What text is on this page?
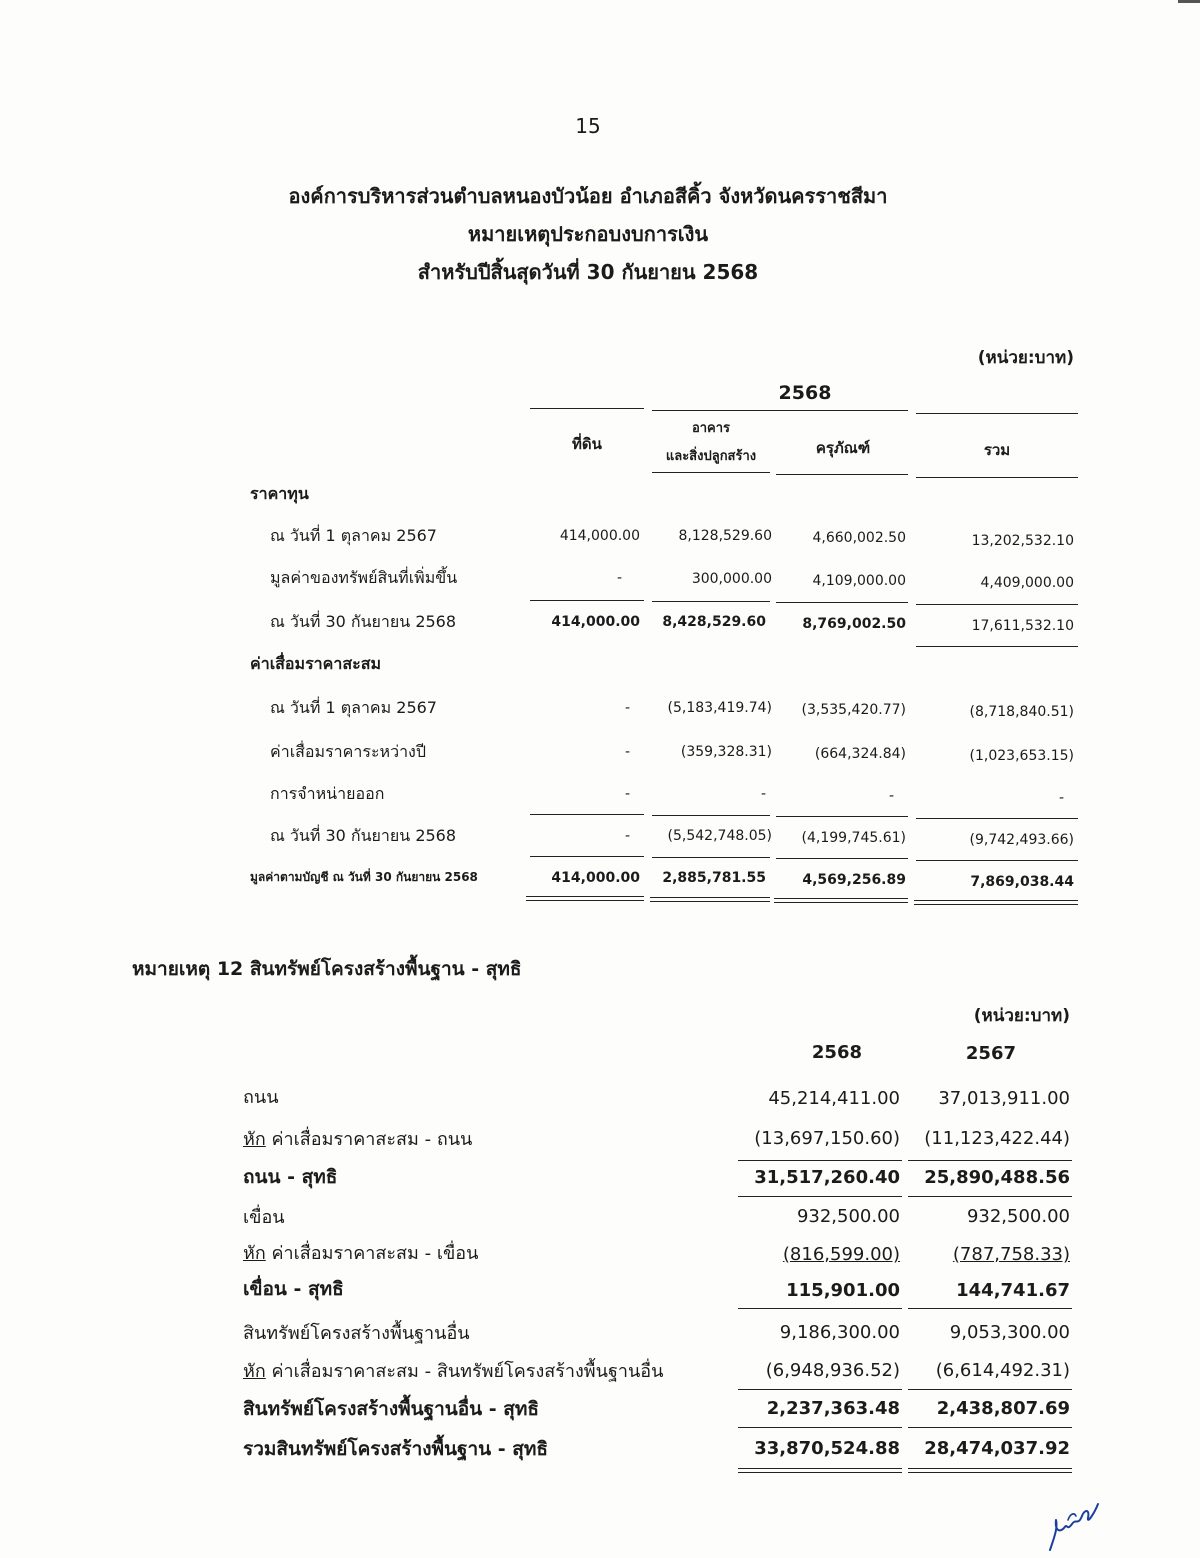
15
องค์การบริหารส่วนตำบลหนองบัวน้อย อำเภอสีคิ้ว จังหวัดนครราชสีมา
หมายเหตุประกอบงบการเงิน
สำหรับปีสิ้นสุดวันที่ 30 กันยายน 2568
(หน่วย:บาท)
2568
ที่ดิน
อาคาร
และสิ่งปลูกสร้าง	ครุภัณฑ์	รวม
ราคาทุน
ณ วันที่ 1 ตุลาคม 2567	414,000.00	8,128,529.60	4,660,002.50	13,202,532.10
มูลค่าของทรัพย์สินที่เพิ่มขึ้น	-	300,000.00	4,109,000.00	4,409,000.00
ณ วันที่ 30 กันยายน 2568	414,000.00 8,428,529.60	8,769,002.50	17,611,532.10
ค่าเสื่อมราคาสะสม
ณ วันที่ 1 ตุลาคม 2567	-	(5,183,419.74) (3,535,420.77)	(8,718,840.51)
ค่าเสื่อมราคาระหว่างปี	-	(359,328.31)	(664,324.84)	(1,023,653.15)
การจำหน่ายออก	-	-	-	-
ณ วันที่ 30 กันยายน 2568	-	(5,542,748.05) (4,199,745.61)	(9,742,493.66)
มูลค่าตามบัญชี ณ วันที่ 30 กันยายน 2568	414,000.00 2,885,781.55	4,569,256.89	7,869,038.44
หมายเหตุ 12 สินทรัพย์โครงสร้างพื้นฐาน - สุทธิ
(หน่วย:บาท)
2568	2567
ถนน	45,214,411.00 37,013,911.00
หัก ค่าเสื่อมราคาสะสม - ถนน	(13,697,150.60) (11,123,422.44)
ถนน - สุทธิ	31,517,260.40 25,890,488.56
เขื่อน	932,500.00	932,500.00
หัก ค่าเสื่อมราคาสะสม - เขื่อน	(816,599.00)	(787,758.33)
เขื่อน - สุทธิ	115,901.00	144,741.67
สินทรัพย์โครงสร้างพื้นฐานอื่น	9,186,300.00	9,053,300.00
หัก ค่าเสื่อมราคาสะสม - สินทรัพย์โครงสร้างพื้นฐานอื่น	(6,948,936.52) (6,614,492.31)
สินทรัพย์โครงสร้างพื้นฐานอื่น - สุทธิ	2,237,363.48 2,438,807.69
รวมสินทรัพย์โครงสร้างพื้นฐาน - สุทธิ	33,870,524.88 28,474,037.92
